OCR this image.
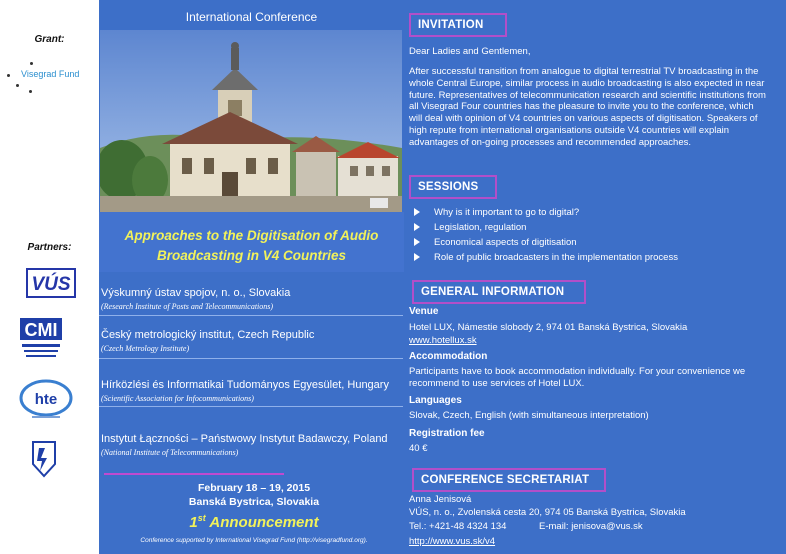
Grant:
Visegrad Fund
Partners:
VÚS
CMI
hte
International Conference
Approaches to the Digitisation of Audio
Broadcasting in V4 Countries
Výskumný ústav spojov, n. o., Slovakia
(Research Institute of Posts and Telecommunications)
Český metrologický institut, Czech Republic
(Czech Metrology Institute)
Hírközlési és Informatikai Tudományos Egyesület, Hungary
(Scientific Association for Infocommunications)
Instytut Łączności – Państwowy Instytut Badawczy, Poland
(National Institute of Telecommunications)
February 18 – 19, 2015
Banská Bystrica, Slovakia
1st Announcement
Conference supported by International Visegrad Fund (http://visegradfund.org).
INVITATION
Dear Ladies and Gentlemen,
After successful transition from analogue to digital terrestrial TV broadcasting in the whole Central Europe, similar process in audio broadcasting is also expected in near future. Representatives of telecommunication research and scientific institutions from all Visegrad Four countries has the pleasure to invite you to the conference, which will deal with opinion of V4 countries on various aspects of digitisation. Speakers of high repute from international organisations outside V4 countries will explain advantages of on-going processes and recommended approaches.
SESSIONS
Why is it important to go to digital?
Legislation, regulation
Economical aspects of digitisation
Role of public broadcasters in the implementation process
GENERAL INFORMATION
Venue
Hotel LUX, Námestie slobody 2, 974 01 Banská Bystrica, Slovakia
www.hotellux.sk
Accommodation
Participants have to book accommodation individually. For your convenience we recommend to use services of Hotel LUX.
Languages
Slovak, Czech, English (with simultaneous interpretation)
Registration fee
40 €
CONFERENCE SECRETARIAT
Anna Jenisová
VÚS, n. o., Zvolenská cesta 20, 974 05 Banská Bystrica, Slovakia
Tel.: +421-48 4324 134	E-mail: jenisova@vus.sk
http://www.vus.sk/v4
